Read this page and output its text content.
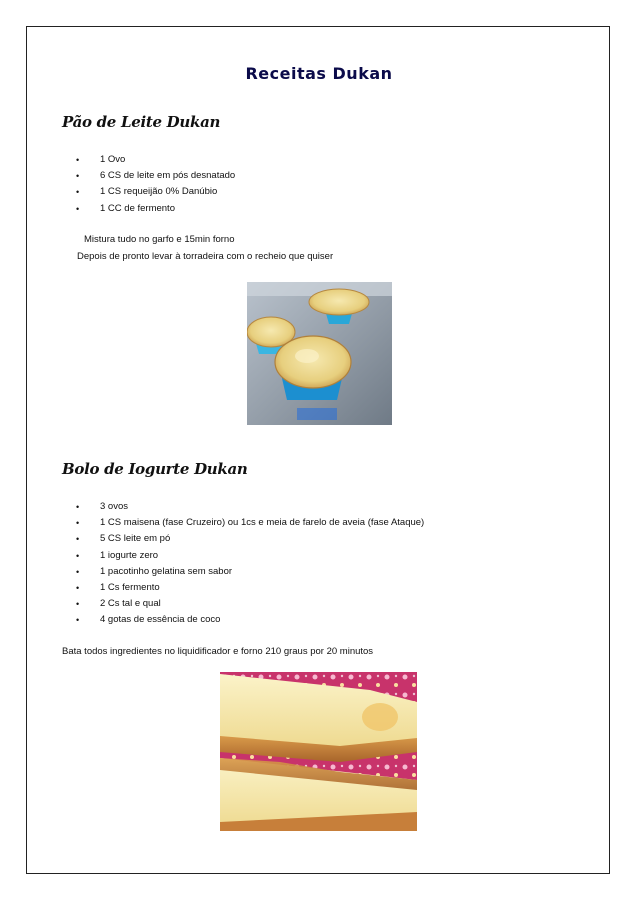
Receitas Dukan
Pão de Leite Dukan
• 1 Ovo
• 6 CS de leite em pós desnatado
• 1 CS requeijão 0% Danúbio
• 1 CC de fermento
Mistura tudo no garfo e 15min forno
Depois de pronto levar à torradeira com o recheio que quiser
Bolo de Iogurte Dukan
• 3 ovos
• 1 CS maisena (fase Cruzeiro) ou 1cs e meia de farelo de aveia (fase Ataque)
• 5 CS leite em pó
• 1 iogurte zero
• 1 pacotinho gelatina sem sabor
• 1 Cs fermento
• 2 Cs tal e qual
• 4 gotas de essência de coco
Bata todos ingredientes no liquidificador e forno 210 graus por 20 minutos
